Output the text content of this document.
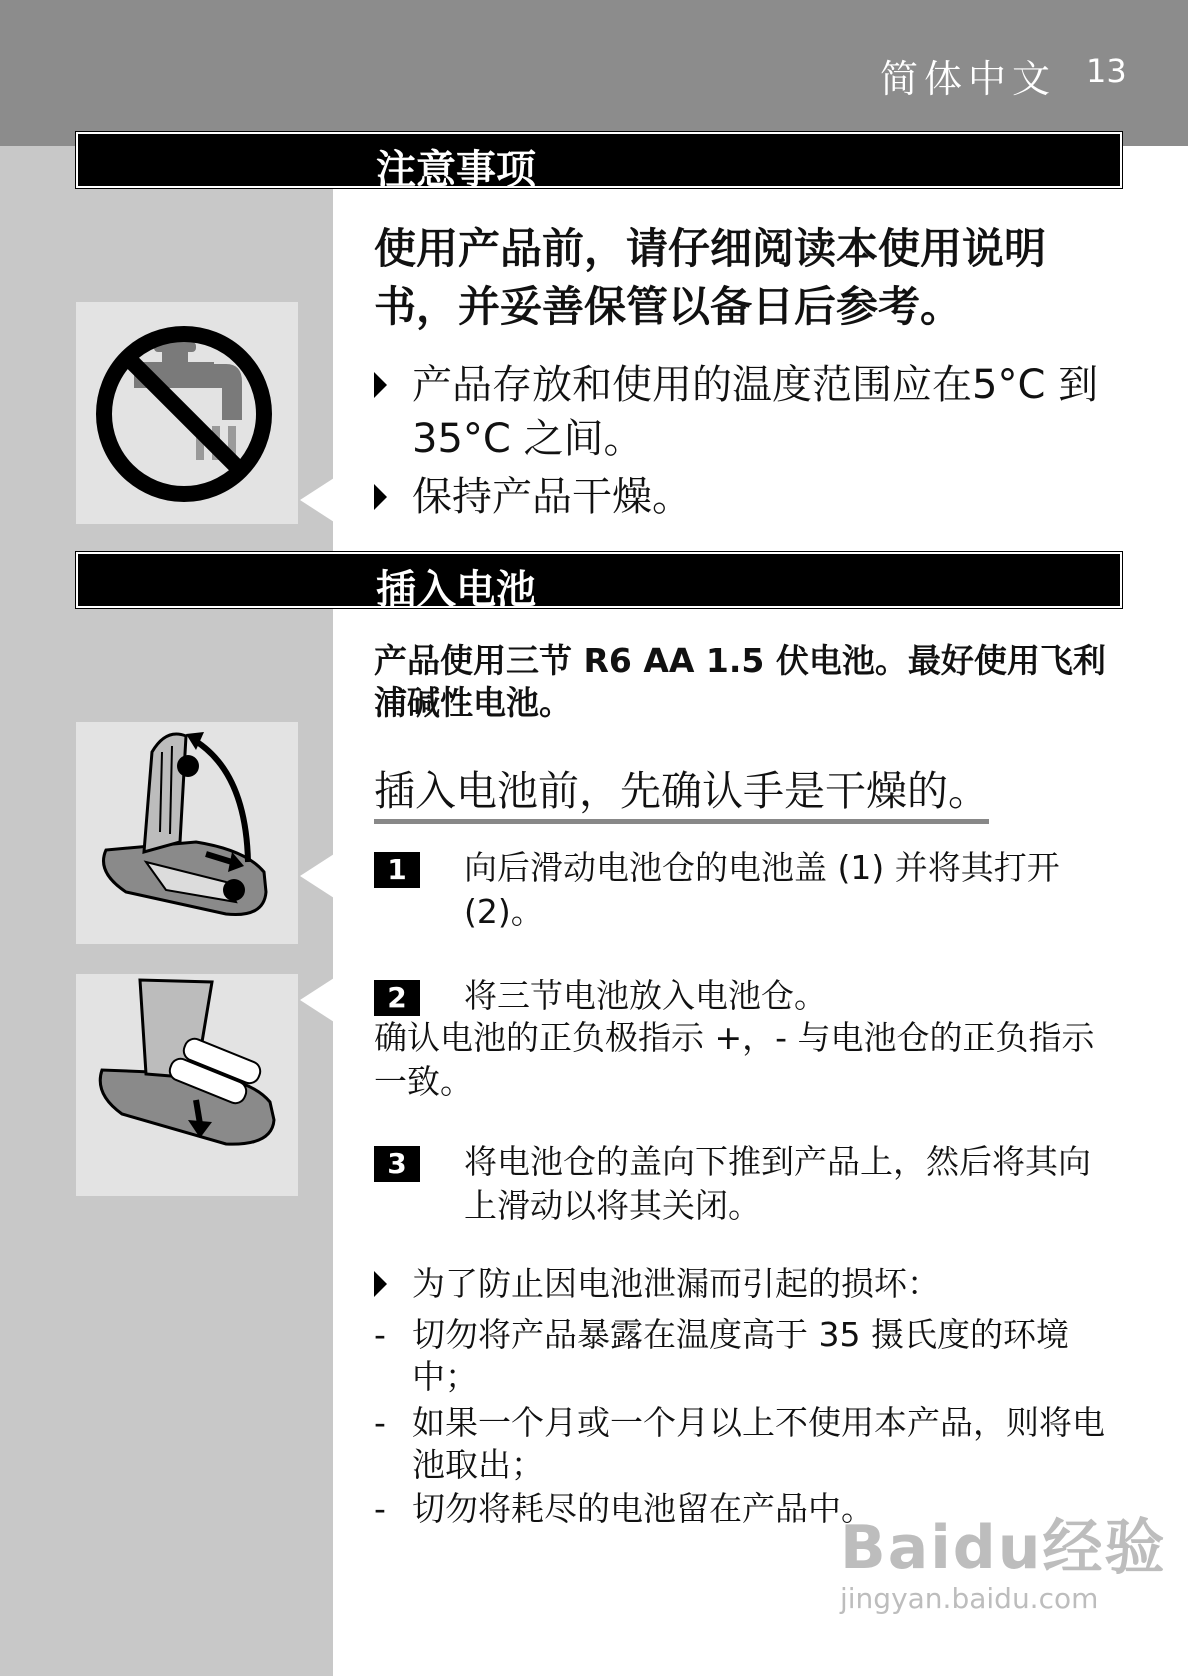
简体中文 13
注意事项
使用产品前，请仔细阅读本使用说明书，并妥善保管以备日后参考。
产品存放和使用的温度范围应在5°C 到 35°C 之间。
保持产品干燥。
插入电池
产品使用三节 R6 AA 1.5 伏电池。最好使用飞利浦碱性电池。
插入电池前，先确认手是干燥的。
1	向后滑动电池仓的电池盖 (1) 并将其打开 (2)。
2	将三节电池放入电池仓。
确认电池的正负极指示 +，- 与电池仓的正负指示一致。
3	将电池仓的盖向下推到产品上，然后将其向上滑动以将其关闭。
为了防止因电池泄漏而引起的损坏：
- 切勿将产品暴露在温度高于 35 摄氏度的环境中；
- 如果一个月或一个月以上不使用本产品，则将电池取出；
- 切勿将耗尽的电池留在产品中。
Baidu经验
jingyan.baidu.com
